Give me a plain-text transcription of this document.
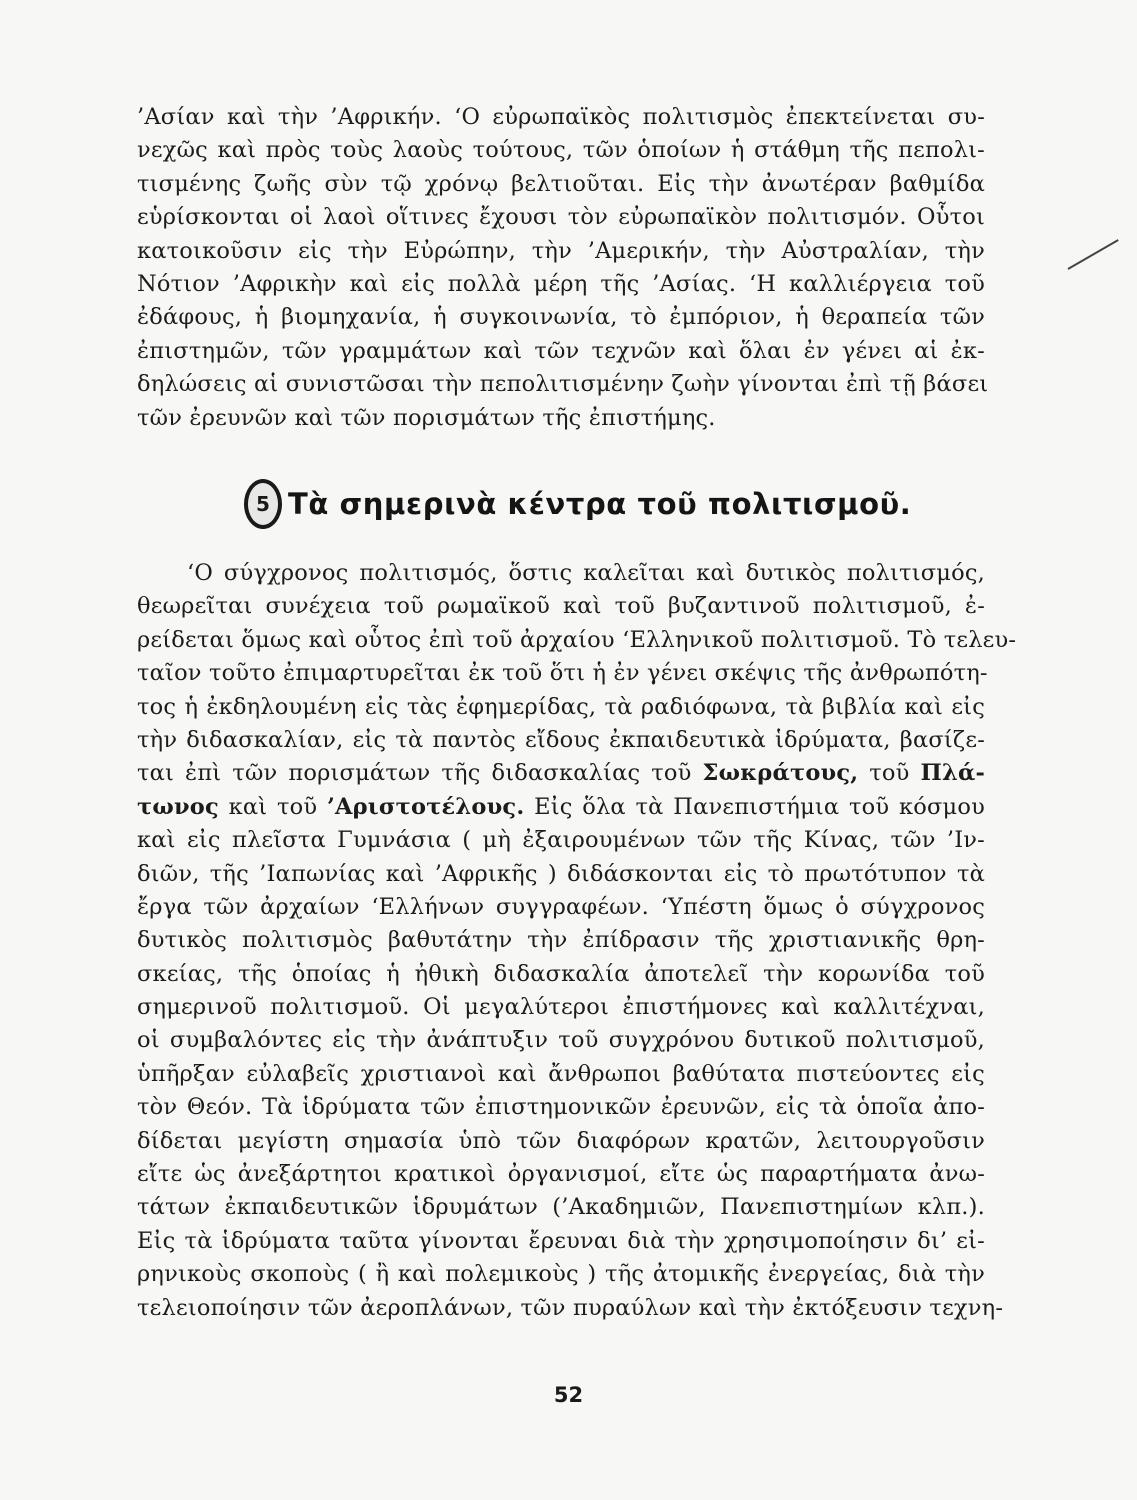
’Ασίαν καὶ τὴν ’Αφρικήν. ‘Ο εὐρωπαϊκὸς πολιτισμὸς ἐπεκτείνεται συ-
νεχῶς καὶ πρὸς τοὺς λαοὺς τούτους, τῶν ὁποίων ἡ στάθμη τῆς πεπολι-
τισμένης ζωῆς σὺν τῷ χρόνῳ βελτιοῦται. Εἰς τὴν ἀνωτέραν βαθμίδα
εὑρίσκονται οἱ λαοὶ οἵτινες ἔχουσι τὸν εὐρωπαϊκὸν πολιτισμόν. Οὗτοι
κατοικοῦσιν εἰς τὴν Εὐρώπην, τὴν ’Αμερικήν, τὴν Αὐστραλίαν, τὴν
Νότιον ’Αφρικὴν καὶ εἰς πολλὰ μέρη τῆς ’Ασίας. ‘Η καλλιέργεια τοῦ
ἐδάφους, ἡ βιομηχανία, ἡ συγκοινωνία, τὸ ἐμπόριον, ἡ θεραπεία τῶν
ἐπιστημῶν, τῶν γραμμάτων καὶ τῶν τεχνῶν καὶ ὅλαι ἐν γένει αἱ ἐκ-
δηλώσεις αἱ συνιστῶσαι τὴν πεπολιτισμένην ζωὴν γίνονται ἐπὶ τῇ βάσει
τῶν ἐρευνῶν καὶ τῶν πορισμάτων τῆς ἐπιστήμης.
5 Τὰ σημερινὰ κέντρα τοῦ πολιτισμοῦ.
‘Ο σύγχρονος πολιτισμός, ὅστις καλεῖται καὶ δυτικὸς πολιτισμός,
θεωρεῖται συνέχεια τοῦ ρωμαϊκοῦ καὶ τοῦ βυζαντινοῦ πολιτισμοῦ, ἐ-
ρείδεται ὅμως καὶ οὗτος ἐπὶ τοῦ ἀρχαίου ‘Ελληνικοῦ πολιτισμοῦ. Τὸ τελευ-
ταῖον τοῦτο ἐπιμαρτυρεῖται ἐκ τοῦ ὅτι ἡ ἐν γένει σκέψις τῆς ἀνθρωπότη-
τος ἡ ἐκδηλουμένη εἰς τὰς ἐφημερίδας, τὰ ραδιόφωνα, τὰ βιβλία καὶ εἰς
τὴν διδασκαλίαν, εἰς τὰ παντὸς εἴδους ἐκπαιδευτικὰ ἱδρύματα, βασίζε-
ται ἐπὶ τῶν πορισμάτων τῆς διδασκαλίας τοῦ Σωκράτους, τοῦ Πλά-
τωνος καὶ τοῦ ’Αριστοτέλους. Εἰς ὅλα τὰ Πανεπιστήμια τοῦ κόσμου
καὶ εἰς πλεῖστα Γυμνάσια ( μὴ ἐξαιρουμένων τῶν τῆς Κίνας, τῶν ’Ιν-
διῶν, τῆς ’Ιαπωνίας καὶ ’Αφρικῆς ) διδάσκονται εἰς τὸ πρωτότυπον τὰ
ἔργα τῶν ἀρχαίων ‘Ελλήνων συγγραφέων. ‘Υπέστη ὅμως ὁ σύγχρονος
δυτικὸς πολιτισμὸς βαθυτάτην τὴν ἐπίδρασιν τῆς χριστιανικῆς θρη-
σκείας, τῆς ὁποίας ἡ ἠθικὴ διδασκαλία ἀποτελεῖ τὴν κορωνίδα τοῦ
σημερινοῦ πολιτισμοῦ. Οἱ μεγαλύτεροι ἐπιστήμονες καὶ καλλιτέχναι,
οἱ συμβαλόντες εἰς τὴν ἀνάπτυξιν τοῦ συγχρόνου δυτικοῦ πολιτισμοῦ,
ὑπῆρξαν εὐλαβεῖς χριστιανοὶ καὶ ἄνθρωποι βαθύτατα πιστεύοντες εἰς
τὸν Θεόν. Τὰ ἱδρύματα τῶν ἐπιστημονικῶν ἐρευνῶν, εἰς τὰ ὁποῖα ἀπο-
δίδεται μεγίστη σημασία ὑπὸ τῶν διαφόρων κρατῶν, λειτουργοῦσιν
εἴτε ὡς ἀνεξάρτητοι κρατικοὶ ὀργανισμοί, εἴτε ὡς παραρτήματα ἀνω-
τάτων ἐκπαιδευτικῶν ἱδρυμάτων (’Ακαδημιῶν, Πανεπιστημίων κλπ.).
Εἰς τὰ ἱδρύματα ταῦτα γίνονται ἔρευναι διὰ τὴν χρησιμοποίησιν δι’ εἰ-
ρηνικοὺς σκοποὺς ( ἢ καὶ πολεμικοὺς ) τῆς ἀτομικῆς ἐνεργείας, διὰ τὴν
τελειοποίησιν τῶν ἀεροπλάνων, τῶν πυραύλων καὶ τὴν ἐκτόξευσιν τεχνη-
52
